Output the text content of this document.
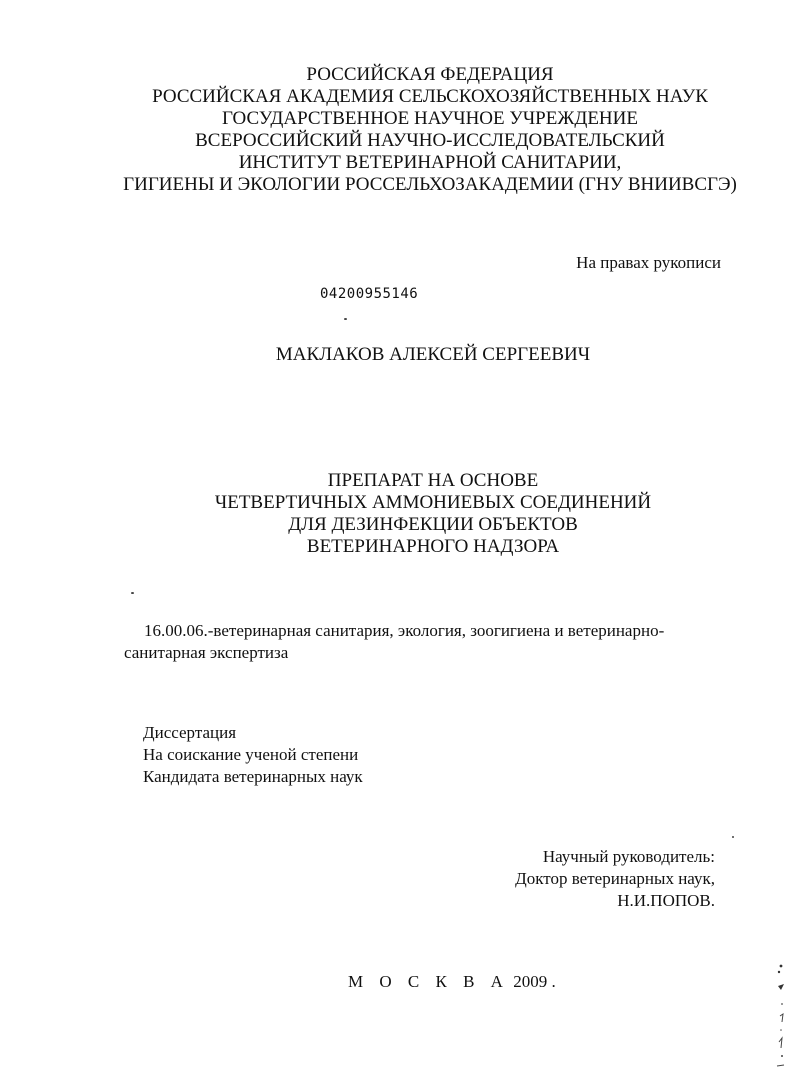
РОССИЙСКАЯ ФЕДЕРАЦИЯ
РОССИЙСКАЯ АКАДЕМИЯ СЕЛЬСКОХОЗЯЙСТВЕННЫХ НАУК
ГОСУДАРСТВЕННОЕ НАУЧНОЕ УЧРЕЖДЕНИЕ
ВСЕРОССИЙСКИЙ НАУЧНО-ИССЛЕДОВАТЕЛЬСКИЙ
ИНСТИТУТ ВЕТЕРИНАРНОЙ САНИТАРИИ,
ГИГИЕНЫ И ЭКОЛОГИИ РОССЕЛЬХОЗАКАДЕМИИ (ГНУ ВНИИВСГЭ)
На правах рукописи
04200955146
МАКЛАКОВ АЛЕКСЕЙ СЕРГЕЕВИЧ
ПРЕПАРАТ НА ОСНОВЕ
ЧЕТВЕРТИЧНЫХ АММОНИЕВЫХ СОЕДИНЕНИЙ
ДЛЯ ДЕЗИНФЕКЦИИ ОБЪЕКТОВ
ВЕТЕРИНАРНОГО НАДЗОРА
16.00.06.-ветеринарная санитария, экология, зоогигиена и ветеринарно-
санитарная экспертиза
Диссертация
На соискание ученой степени
Кандидата ветеринарных наук
Научный руководитель:
Доктор ветеринарных наук,
Н.И.ПОПОВ.
М О С К В А 2009 .
